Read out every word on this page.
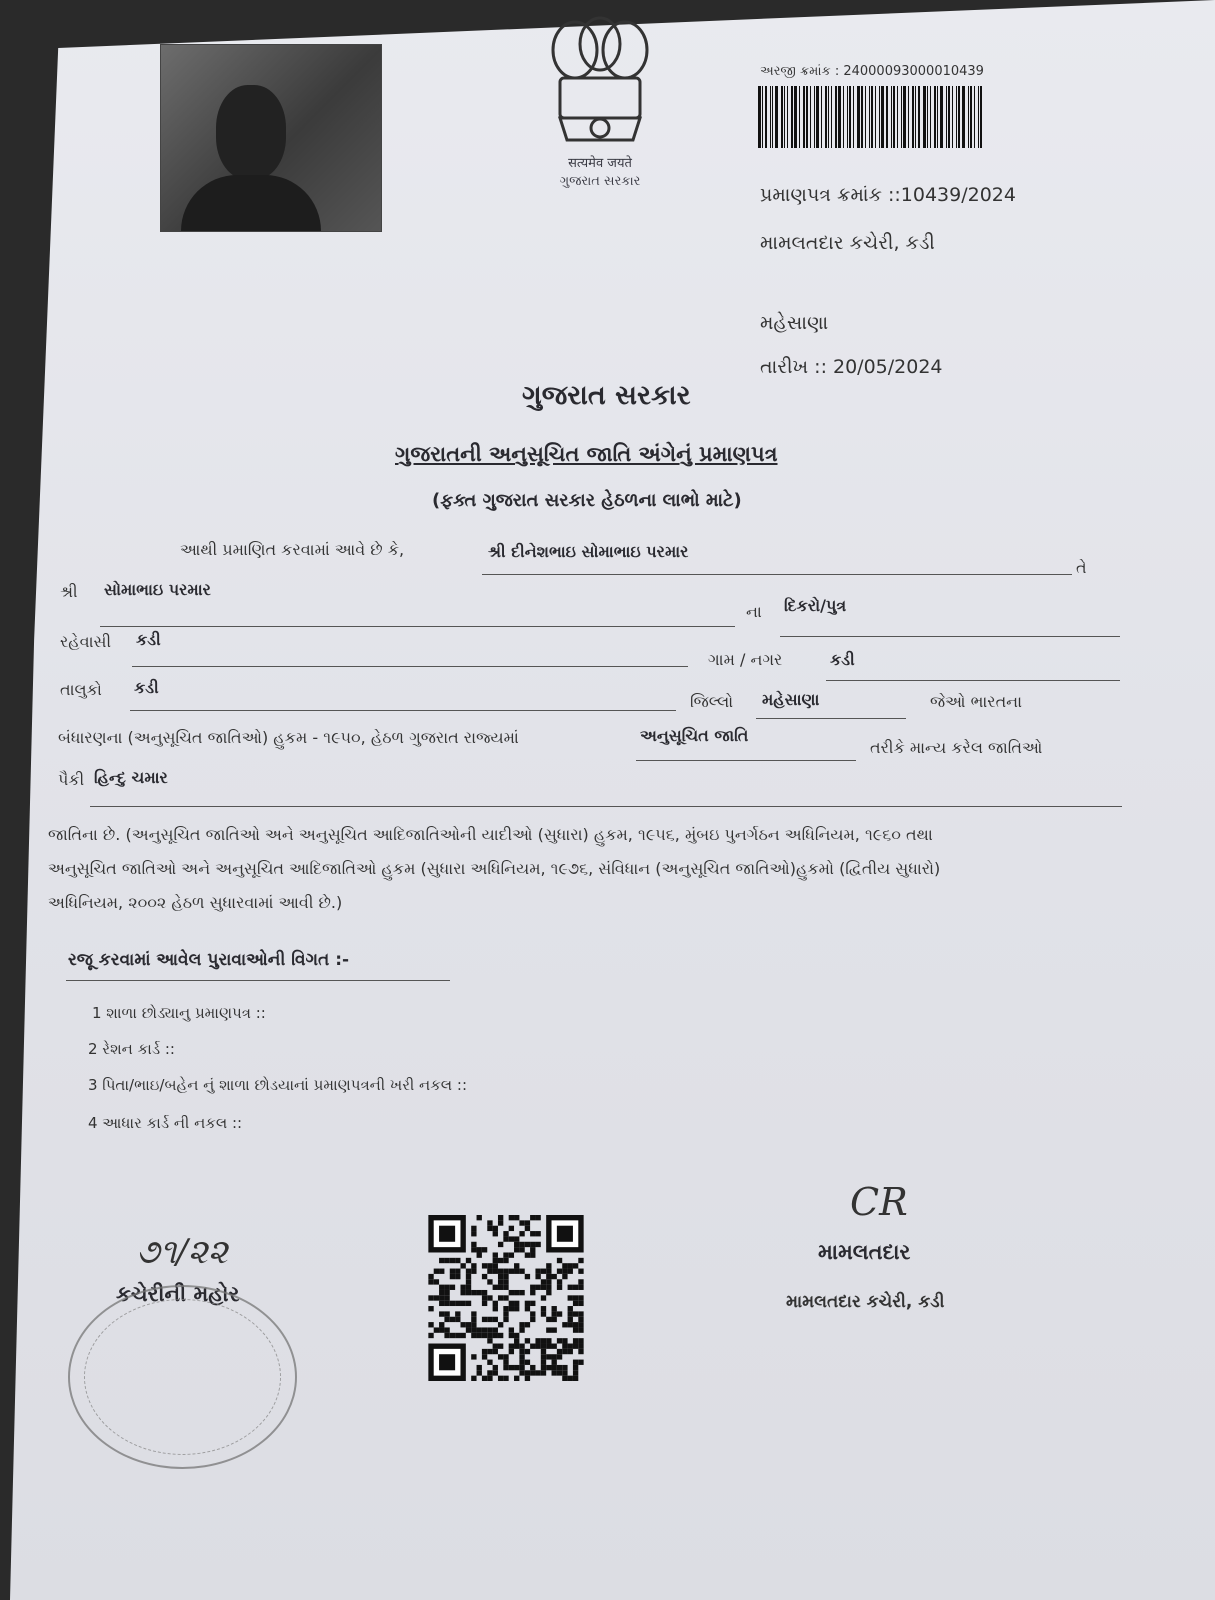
सत्यमेव जयते
ગુજરાત સરકાર
અરજી ક્રમાંક : 24000093000010439
પ્રમાણપત્ર ક્રમાંક ::10439/2024
મામલતદાર કચેરી, કડી
મહેસાણા
તારીખ :: 20/05/2024
ગુજરાત સરકાર
ગુજરાતની અનુસૂચિત જાતિ અંગેનું પ્રમાણપત્ર
(ફક્ત ગુજરાત સરકાર હેઠળના લાભો માટે)
આથી પ્રમાણિત કરવામાં આવે છે કે,	શ્રી દીનેશભાઇ સોમાભાઇ પરમાર
તે
શ્રી સોમાભાઇ પરમાર
ના દિકરો/પુત્ર
રહેવાસી કડી
ગામ / નગર	કડી
તાલુકો કડી
જિલ્લો મહેસાણા	જેઓ ભારતના
બંધારણના (અનુસૂચિત જાતિઓ) હુકમ - ૧૯૫૦, હેઠળ ગુજરાત રાજ્યમાં	અનુસૂચિત જાતિ
તરીકે માન્ય કરેલ જાતિઓ
પૈકી હિન્દુ ચમાર
જાતિના છે. (અનુસૂચિત જાતિઓ અને અનુસૂચિત આદિજાતિઓની યાદીઓ (સુધારા) હુકમ, ૧૯૫૬, મુંબઇ પુનર્ગઠન અધિનિયમ, ૧૯૬૦ તથા
અનુસૂચિત જાતિઓ અને અનુસૂચિત આદિજાતિઓ હુકમ (સુધારા અધિનિયમ, ૧૯૭૬, સંવિધાન (અનુસૂચિત જાતિઓ)હુકમો (દ્વિતીય સુધારો)
અધિનિયમ, ૨૦૦૨ હેઠળ સુધારવામાં આવી છે.)
રજૂ કરવામાં આવેલ પુરાવાઓની વિગત :-
1 શાળા છોડ્યાનુ પ્રમાણપત્ર ::
2 રેશન કાર્ડ ::
3 પિતા/ભાઇ/બહેન નું શાળા છોડયાનાં પ્રમાણપત્રની ખરી નકલ ::
4 આધાર કાર્ડ ની નકલ ::
૭૧/૨૨
કચેરીની મહોર
CR
મામલતદાર
મામલતદાર કચેરી, કડી
